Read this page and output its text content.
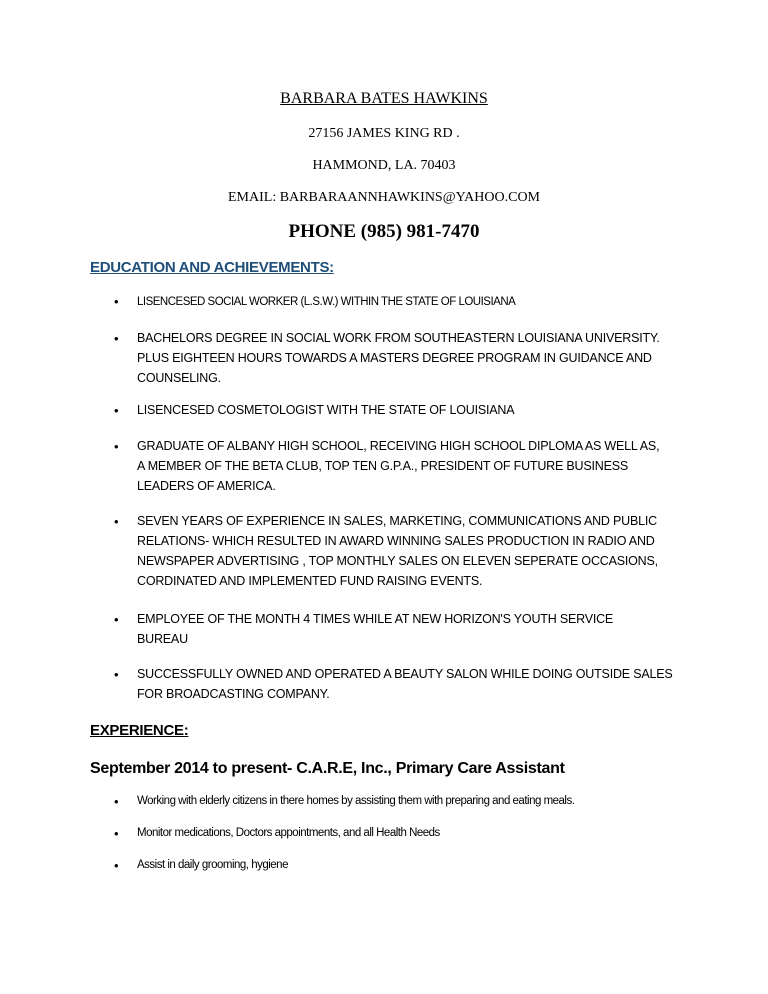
BARBARA BATES HAWKINS
27156 JAMES KING RD .
HAMMOND, LA. 70403
EMAIL: BARBARAANNHAWKINS@YAHOO.COM
PHONE (985) 981-7470
EDUCATION AND ACHIEVEMENTS:
• LISENCESED SOCIAL WORKER (L.S.W.) WITHIN THE STATE OF LOUISIANA
• BACHELORS DEGREE IN SOCIAL WORK FROM SOUTHEASTERN LOUISIANA UNIVERSITY.
PLUS EIGHTEEN HOURS TOWARDS A MASTERS DEGREE PROGRAM IN GUIDANCE AND
COUNSELING.
• LISENCESED COSMETOLOGIST WITH THE STATE OF LOUISIANA
• GRADUATE OF ALBANY HIGH SCHOOL, RECEIVING HIGH SCHOOL DIPLOMA AS WELL AS,
A MEMBER OF THE BETA CLUB, TOP TEN G.P.A., PRESIDENT OF FUTURE BUSINESS
LEADERS OF AMERICA.
• SEVEN YEARS OF EXPERIENCE IN SALES, MARKETING, COMMUNICATIONS AND PUBLIC
RELATIONS- WHICH RESULTED IN AWARD WINNING SALES PRODUCTION IN RADIO AND
NEWSPAPER ADVERTISING , TOP MONTHLY SALES ON ELEVEN SEPERATE OCCASIONS,
CORDINATED AND IMPLEMENTED FUND RAISING EVENTS.
• EMPLOYEE OF THE MONTH 4 TIMES WHILE AT NEW HORIZON'S YOUTH SERVICE
BUREAU
• SUCCESSFULLY OWNED AND OPERATED A BEAUTY SALON WHILE DOING OUTSIDE SALES
FOR BROADCASTING COMPANY.
EXPERIENCE:
September 2014 to present- C.A.R.E, Inc., Primary Care Assistant
• Working with elderly citizens in there homes by assisting them with preparing and eating meals.
• Monitor medications, Doctors appointments, and all Health Needs
• Assist in daily grooming, hygiene
